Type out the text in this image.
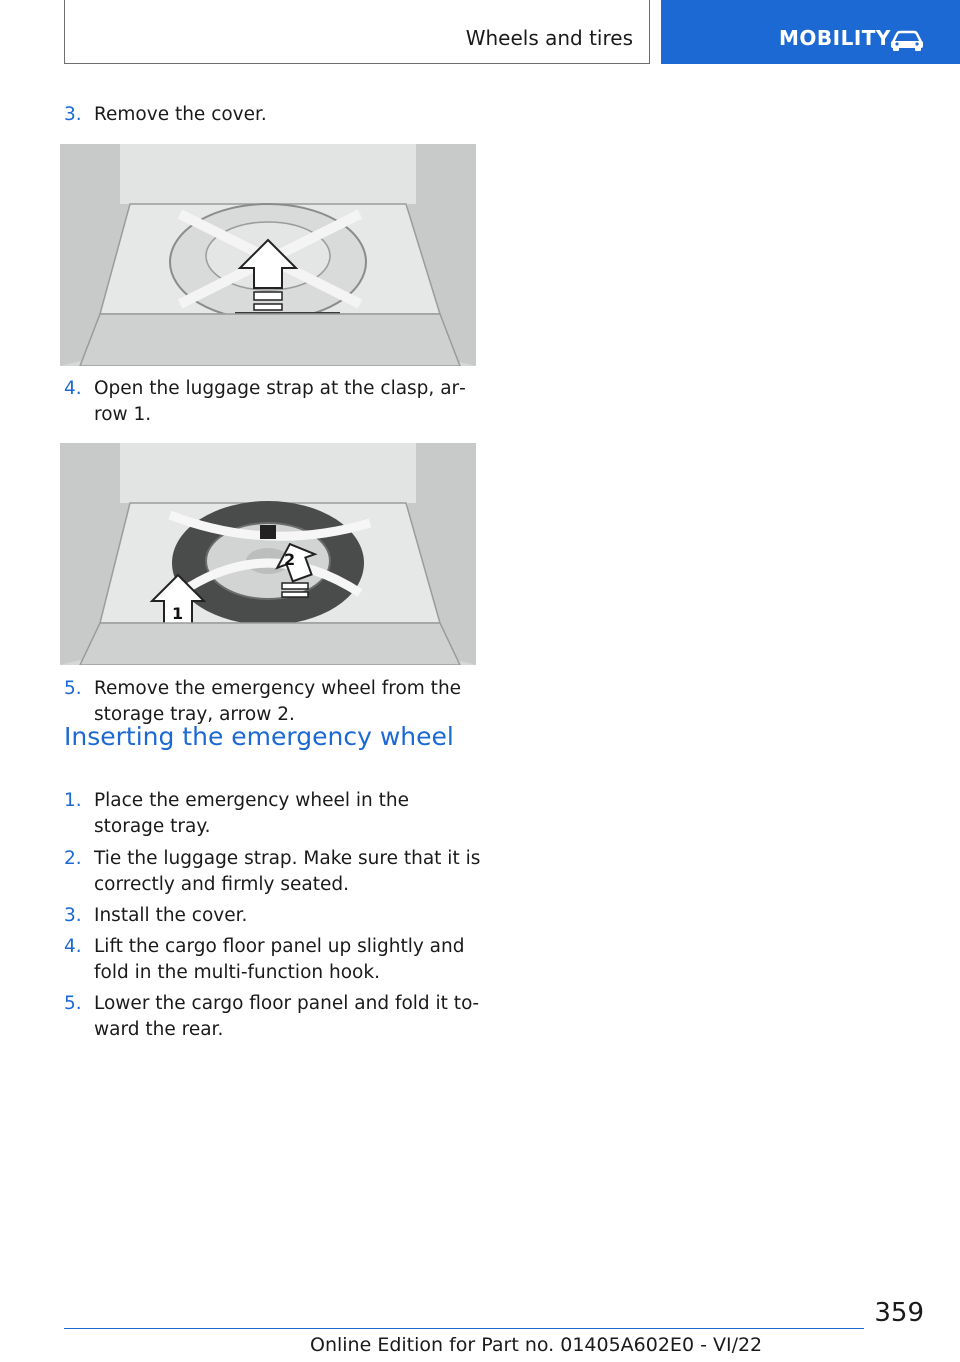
Wheels and tires	MOBILITY
3. Remove the cover.
4. Open the luggage strap at the clasp, ar‐row 1.
2
1
5. Remove the emergency wheel from the storage tray, arrow 2.
Inserting the emergency wheel
1. Place the emergency wheel in the storage tray.
2. Tie the luggage strap. Make sure that it is correctly and firmly seated.
3. Install the cover.
4. Lift the cargo floor panel up slightly and fold in the multi-function hook.
5. Lower the cargo floor panel and fold it to‐ward the rear.
359
Online Edition for Part no. 01405A602E0 - VI/22
